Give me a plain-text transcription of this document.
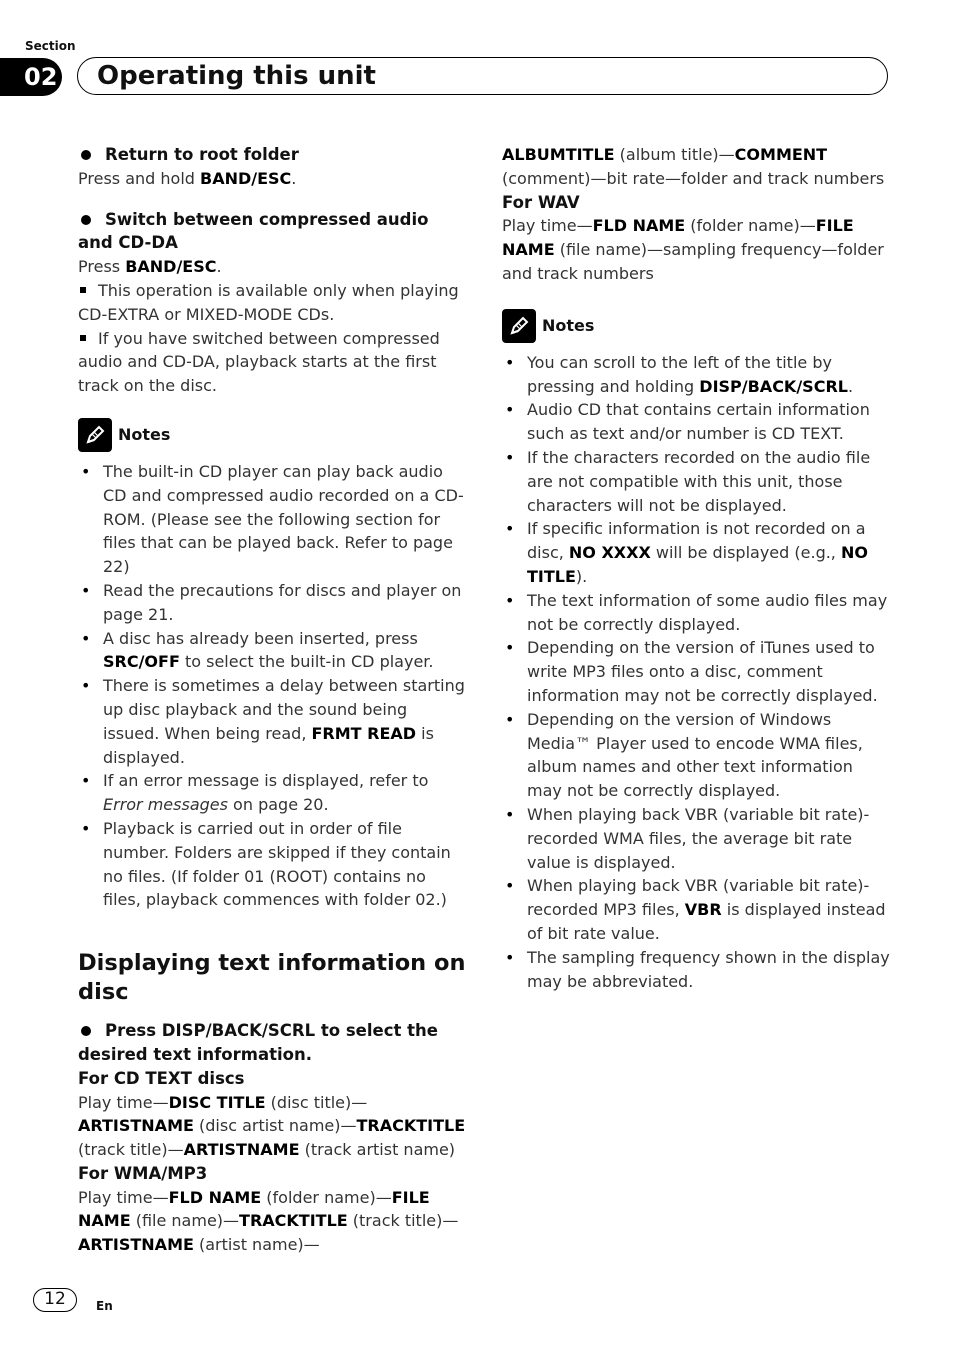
Section
02 Operating this unit

Return to root folder

Press and hold BAND/ESC.

Switch between compressed audio and CD-DA

Press BAND/ESC.

This operation is available only when playing CD-EXTRA or MIXED-MODE CDs.

If you have switched between compressed audio and CD-DA, playback starts at the first track on the disc.

Notes
• The built-in CD player can play back audio CD and compressed audio recorded on a CD-ROM. (Please see the following section for files that can be played back. Refer to page 22)
• Read the precautions for discs and player on page 21.
• A disc has already been inserted, press SRC/OFF to select the built-in CD player.
• There is sometimes a delay between starting up disc playback and the sound being issued. When being read, FRMT READ is displayed.
• If an error message is displayed, refer to Error messages on page 20.
• Playback is carried out in order of file number. Folders are skipped if they contain no files. (If folder 01 (ROOT) contains no files, playback commences with folder 02.)
Displaying text information on disc

Press DISP/BACK/SCRL to select the desired text information.

For CD TEXT discs

Play time—DISC TITLE (disc title)—ARTISTNAME (disc artist name)—TRACKTITLE (track title)—ARTISTNAME (track artist name)

For WMA/MP3

Play time—FLD NAME (folder name)—FILE NAME (file name)—TRACKTITLE (track title)—ARTISTNAME (artist name)—

ALBUMTITLE (album title)—COMMENT (comment)—bit rate—folder and track numbers

For WAV

Play time—FLD NAME (folder name)—FILE NAME (file name)—sampling frequency—folder and track numbers

Notes
• You can scroll to the left of the title by pressing and holding DISP/BACK/SCRL.
• Audio CD that contains certain information such as text and/or number is CD TEXT.
• If the characters recorded on the audio file are not compatible with this unit, those characters will not be displayed.
• If specific information is not recorded on a disc, NO XXXX will be displayed (e.g., NO TITLE).
• The text information of some audio files may not be correctly displayed.
• Depending on the version of iTunes used to write MP3 files onto a disc, comment information may not be correctly displayed.
• Depending on the version of Windows Media™ Player used to encode WMA files, album names and other text information may not be correctly displayed.
• When playing back VBR (variable bit rate)-recorded WMA files, the average bit rate value is displayed.
• When playing back VBR (variable bit rate)-recorded MP3 files, VBR is displayed instead of bit rate value.
• The sampling frequency shown in the display may be abbreviated.
12	En
